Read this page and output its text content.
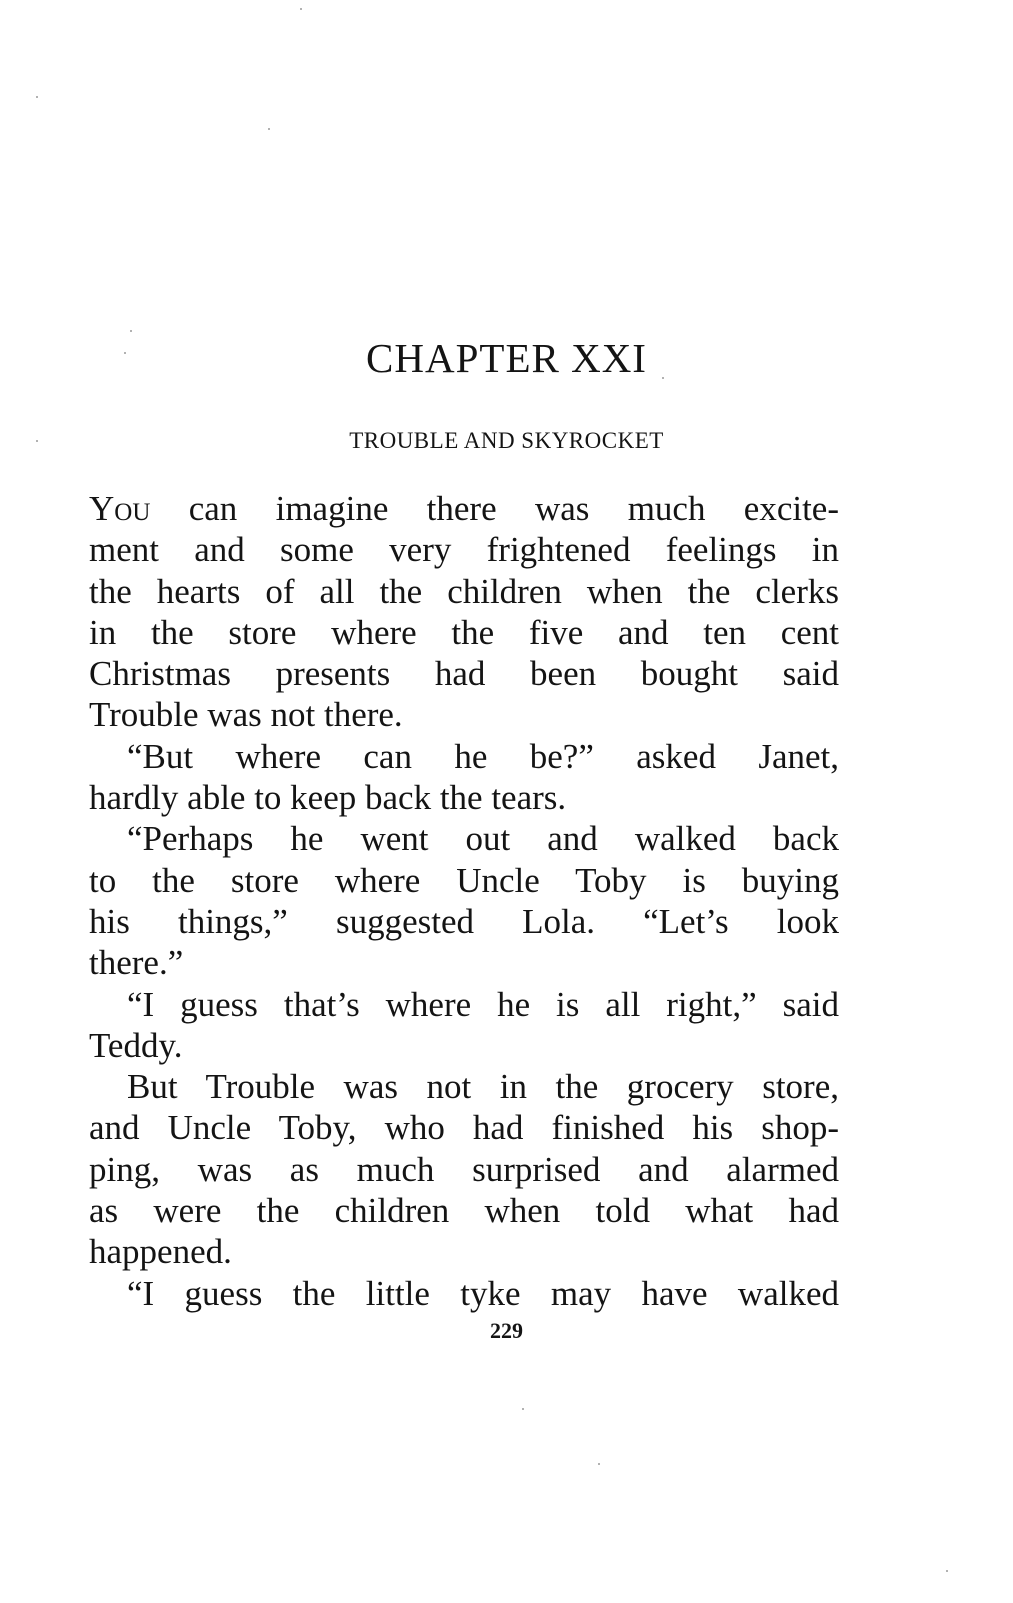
CHAPTER XXI
TROUBLE AND SKYROCKET
You can imagine there was much excite-
ment and some very frightened feelings in
the hearts of all the children when the clerks
in the store where the five and ten cent
Christmas presents had been bought said
Trouble was not there.
“But where can he be?” asked Janet,
hardly able to keep back the tears.
“Perhaps he went out and walked back
to the store where Uncle Toby is buying
his things,” suggested Lola. “Let’s look
there.”
“I guess that’s where he is all right,” said
Teddy.
But Trouble was not in the grocery store,
and Uncle Toby, who had finished his shop-
ping, was as much surprised and alarmed
as were the children when told what had
happened.
“I guess the little tyke may have walked
229
